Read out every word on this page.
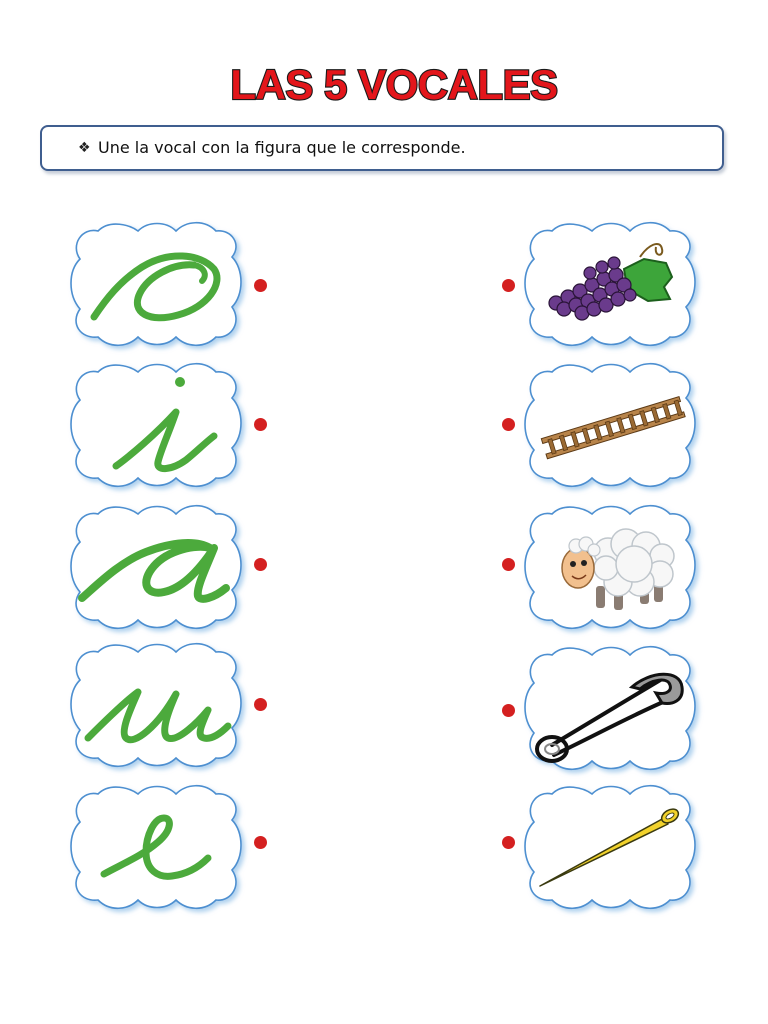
LAS 5 VOCALES
❖ Une la vocal con la figura que le corresponde.
